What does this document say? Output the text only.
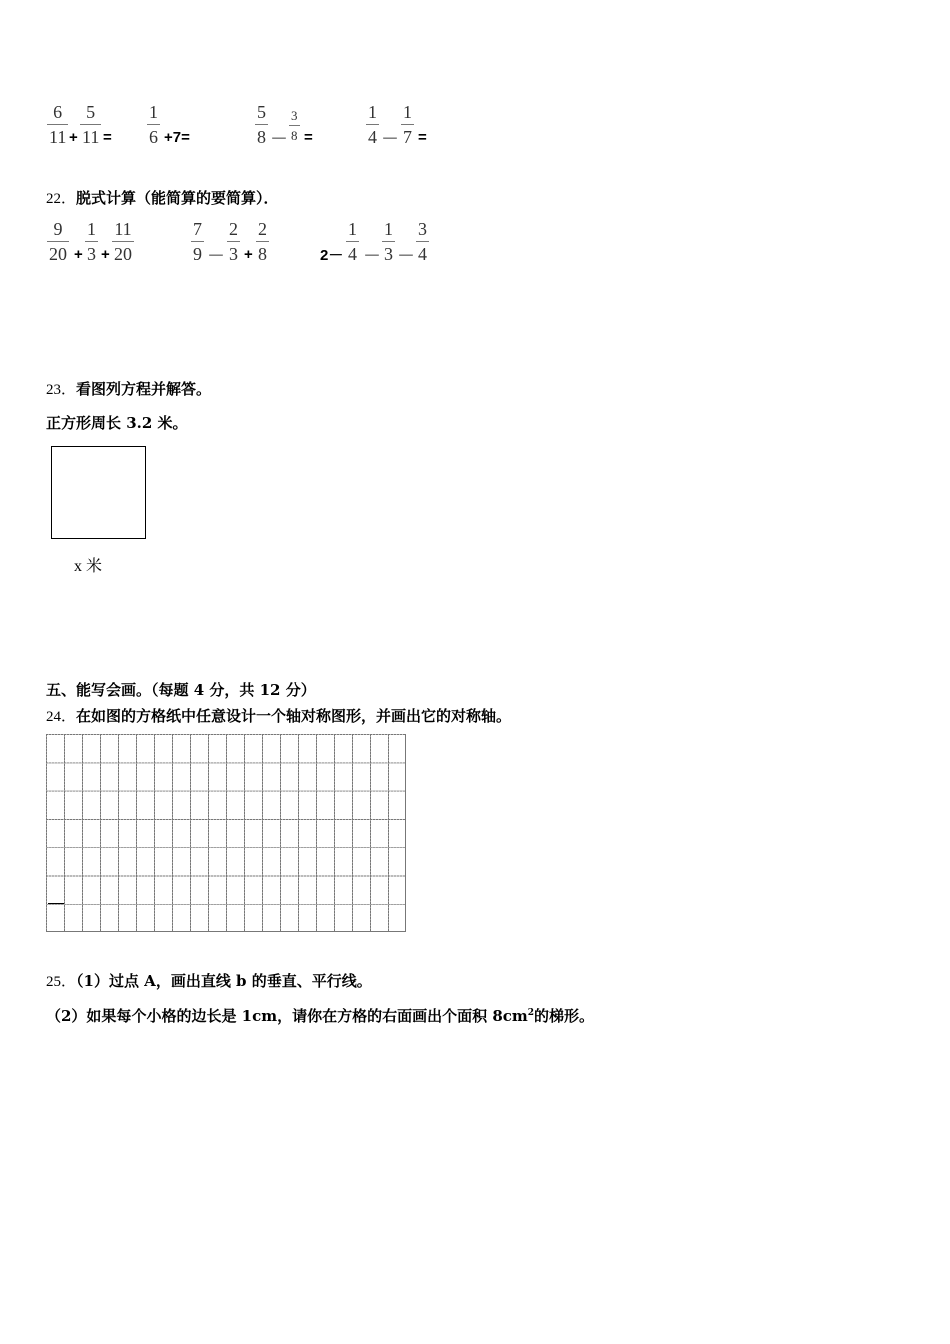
6
11 +
5
11 =
1
6 +7=
5
8 －
3
8 =
1
4 －
1
7 =
22．脱式计算（能简算的要简算）．
9
20 +
1
3 +
11
20
7
9 －
2
3 +
2
8	2－
1
4 －
1
3 －
3
4
23．看图列方程并解答。
正方形周长 3.2 米。
x 米
五、能写会画。（每题 4 分，共 12 分）
24．在如图的方格纸中任意设计一个轴对称图形，并画出它的对称轴。
25．（1）过点 A，画出直线 b 的垂直、平行线。
（2）如果每个小格的边长是 1cm，请你在方格的右面画出个面积 $8cm^2$的梯形。
